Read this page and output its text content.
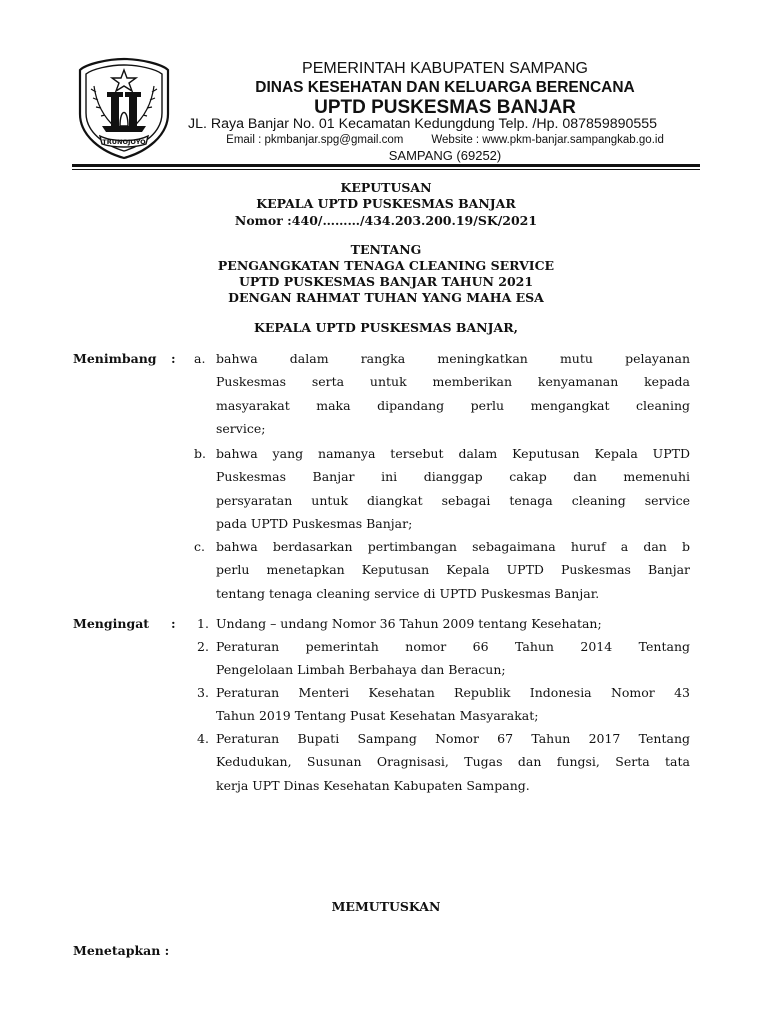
TRUNOJOYO
PEMERINTAH KABUPATEN SAMPANG
DINAS KESEHATAN DAN KELUARGA BERENCANA
UPTD PUSKESMAS BANJAR
JL. Raya Banjar No. 01 Kecamatan Kedungdung Telp. /Hp. 087859890555
Email : pkmbanjar.spg@gmail.com Website : www.pkm-banjar.sampangkab.go.id
SAMPANG (69252)
KEPUTUSAN
KEPALA UPTD PUSKESMAS BANJAR
Nomor :440/………/434.203.200.19/SK/2021
TENTANG
PENGANGKATAN TENAGA CLEANING SERVICE
UPTD PUSKESMAS BANJAR TAHUN 2021
DENGAN RAHMAT TUHAN YANG MAHA ESA
KEPALA UPTD PUSKESMAS BANJAR,
Menimbang : a. bahwa dalam rangka meningkatkan mutu pelayanan
Puskesmas serta untuk memberikan kenyamanan kepada
masyarakat maka dipandang perlu mengangkat cleaning
service;
b. bahwa yang namanya tersebut dalam Keputusan Kepala UPTD
Puskesmas Banjar ini dianggap cakap dan memenuhi
persyaratan untuk diangkat sebagai tenaga cleaning service
pada UPTD Puskesmas Banjar;
c. bahwa berdasarkan pertimbangan sebagaimana huruf a dan b
perlu menetapkan Keputusan Kepala UPTD Puskesmas Banjar
tentang tenaga cleaning service di UPTD Puskesmas Banjar.
Mengingat : 1. Undang – undang Nomor 36 Tahun 2009 tentang Kesehatan;
2. Peraturan pemerintah nomor 66 Tahun 2014 Tentang
Pengelolaan Limbah Berbahaya dan Beracun;
3. Peraturan Menteri Kesehatan Republik Indonesia Nomor 43
Tahun 2019 Tentang Pusat Kesehatan Masyarakat;
4. Peraturan Bupati Sampang Nomor 67 Tahun 2017 Tentang
Kedudukan, Susunan Oragnisasi, Tugas dan fungsi, Serta tata
kerja UPT Dinas Kesehatan Kabupaten Sampang.
MEMUTUSKAN
Menetapkan :
